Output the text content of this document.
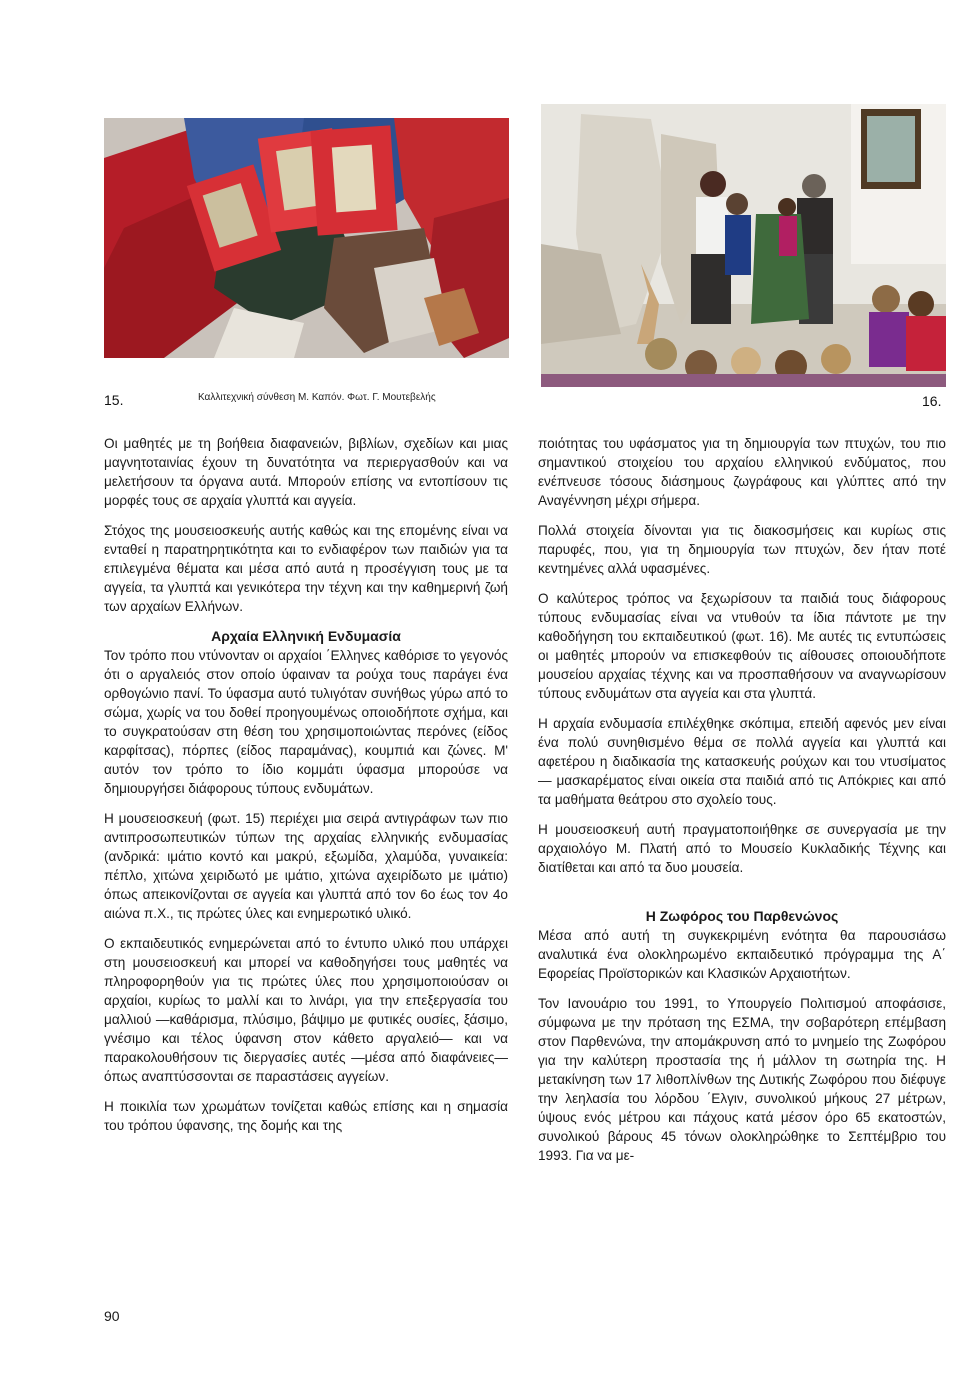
15.	Καλλιτεχνική σύνθεση Μ. Καπόν. Φωτ. Γ. Μουτεβελής	16.

Οι μαθητές με τη βοήθεια διαφανειών, βιβλίων, σχεδίων και μιας μαγνητοταινίας έχουν τη δυνατότητα να περιεργασθούν και να μελετήσουν τα όργανα αυτά. Μπορούν επίσης να εντοπίσουν τις μορφές τους σε αρχαία γλυπτά και αγγεία.

Στόχος της μουσειοσκευής αυτής καθώς και της επομένης είναι να ενταθεί η παρατηρητικότητα και το ενδιαφέρον των παιδιών για τα επιλεγμένα θέματα και μέσα από αυτά η προσέγγιση τους με τα αγγεία, τα γλυπτά και γενικότερα την τέχνη και την καθημερινή ζωή των αρχαίων Ελλήνων.

Αρχαία Ελληνική Ενδυμασία

Τον τρόπο που ντύνονταν οι αρχαίοι ΄Ελληνες καθόρισε το γεγονός ότι ο αργαλειός στον οποίο ύφαιναν τα ρούχα τους παράγει ένα ορθογώνιο πανί. Το ύφασμα αυτό τυλιγόταν συνήθως γύρω από το σώμα, χωρίς να του δοθεί προηγουμένως οποιοδήποτε σχήμα, και το συγκρατούσαν στη θέση του χρησιμοποιώντας περόνες (είδος καρφίτσας), πόρπες (είδος παραμάνας), κουμπιά και ζώνες. Μ' αυτόν τον τρόπο το ίδιο κομμάτι ύφασμα μπορούσε να δημιουργήσει διάφορους τύπους ενδυμάτων.

Η μουσειοσκευή (φωτ. 15) περιέχει μια σειρά αντιγράφων των πιο αντιπροσωπευτικών τύπων της αρχαίας ελληνικής ενδυμασίας (ανδρικά: ιμάτιο κοντό και μακρύ, εξωμίδα, χλαμύδα, γυναικεία: πέπλο, χιτώνα χειριδωτό με ιμάτιο, χιτώνα αχειρίδωτο με ιμάτιο) όπως απεικονίζονται σε αγγεία και γλυπτά από τον 6ο έως τον 4ο αιώνα π.Χ., τις πρώτες ύλες και ενημερωτικό υλικό.

Ο εκπαιδευτικός ενημερώνεται από το έντυπο υλικό που υπάρχει στη μουσειοσκευή και μπορεί να καθοδηγήσει τους μαθητές να πληροφορηθούν για τις πρώτες ύλες που χρησιμοποιούσαν οι αρχαίοι, κυρίως το μαλλί και το λινάρι, για την επεξεργασία του μαλλιού —καθάρισμα, πλύσιμο, βάψιμο με φυτικές ουσίες, ξάσιμο, γνέσιμο και τέλος ύφανση στον κάθετο αργαλειό— και να παρακολουθήσουν τις διεργασίες αυτές —μέσα από διαφάνειες— όπως αναπτύσσονται σε παραστάσεις αγγείων.

Η ποικιλία των χρωμάτων τονίζεται καθώς επίσης και η σημασία του τρόπου ύφανσης, της δομής και της

ποιότητας του υφάσματος για τη δημιουργία των πτυχών, του πιο σημαντικού στοιχείου του αρχαίου ελληνικού ενδύματος, που ενέπνευσε τόσους διάσημους ζωγράφους και γλύπτες από την Αναγέννηση μέχρι σήμερα.

Πολλά στοιχεία δίνονται για τις διακοσμήσεις και κυρίως στις παρυφές, που, για τη δημιουργία των πτυχών, δεν ήταν ποτέ κεντημένες αλλά υφασμένες.

Ο καλύτερος τρόπος να ξεχωρίσουν τα παιδιά τους διάφορους τύπους ενδυμασίας είναι να ντυθούν τα ίδια πάντοτε με την καθοδήγηση του εκπαιδευτικού (φωτ. 16). Με αυτές τις εντυπώσεις οι μαθητές μπορούν να επισκεφθούν τις αίθουσες οποιουδήποτε μουσείου αρχαίας τέχνης και να προσπαθήσουν να αναγνωρίσουν τύπους ενδυμάτων στα αγγεία και στα γλυπτά.

Η αρχαία ενδυμασία επιλέχθηκε σκόπιμα, επειδή αφενός μεν είναι ένα πολύ συνηθισμένο θέμα σε πολλά αγγεία και γλυπτά και αφετέρου η διαδικασία της κατασκευής ρούχων και του ντυσίματος — μασκαρέματος είναι οικεία στα παιδιά από τις Απόκριες και από τα μαθήματα θεάτρου στο σχολείο τους.

Η μουσειοσκευή αυτή πραγματοποιήθηκε σε συνεργασία με την αρχαιολόγο Μ. Πλατή από το Μουσείο Κυκλαδικής Τέχνης και διατίθεται και από τα δυο μουσεία.

Η Ζωφόρος του Παρθενώνος

Μέσα από αυτή τη συγκεκριμένη ενότητα θα παρουσιάσω αναλυτικά ένα ολοκληρωμένο εκπαιδευτικό πρόγραμμα της Α΄ Εφορείας Προϊστορικών και Κλασικών Αρχαιοτήτων.

Τον Ιανουάριο του 1991, το Υπουργείο Πολιτισμού αποφάσισε, σύμφωνα με την πρόταση της ΕΣΜΑ, την σοβαρότερη επέμβαση στον Παρθενώνα, την απομάκρυνση από το μνημείο της Ζωφόρου για την καλύτερη προστασία της ή μάλλον τη σωτηρία της. Η μετακίνηση των 17 λιθοπλίνθων της Δυτικής Ζωφόρου που διέφυγε την λεηλασία του λόρδου ΄Ελγιν, συνολικού μήκους 27 μέτρων, ύψους ενός μέτρου και πάχους κατά μέσον όρο 65 εκατοστών, συνολικού βάρους 45 τόνων ολοκληρώθηκε το Σεπτέμβριο του 1993. Για να με-

90
